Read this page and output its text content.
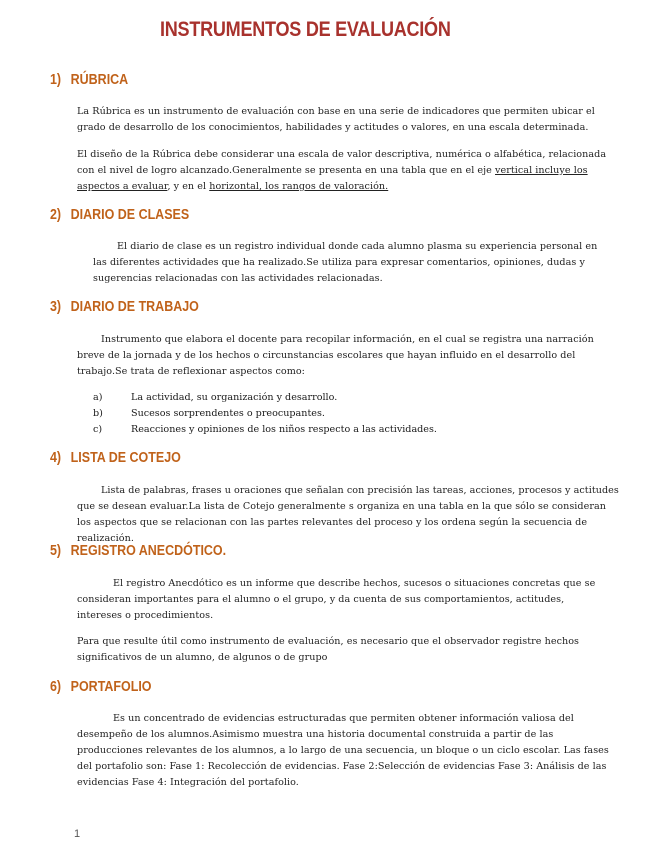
INSTRUMENTOS DE EVALUACIÓN
1) RÚBRICA

La Rúbrica es un instrumento de evaluación con base en una serie de indicadores que permiten ubicar el grado de desarrollo de los conocimientos, habilidades y actitudes o valores, en una escala determinada.

El diseño de la Rúbrica debe considerar una escala de valor descriptiva, numérica o alfabética, relacionada con el nivel de logro alcanzado.Generalmente se presenta en una tabla que en el eje vertical incluye los aspectos a evaluar, y en el horizontal, los rangos de valoración.

2) DIARIO DE CLASES

El diario de clase es un registro individual donde cada alumno plasma su experiencia personal en las diferentes actividades que ha realizado.Se utiliza para expresar comentarios, opiniones, dudas y sugerencias relacionadas con las actividades relacionadas.

3) DIARIO DE TRABAJO

Instrumento que elabora el docente para recopilar información, en el cual se registra una narración breve de la jornada y de los hechos o circunstancias escolares que hayan influido en el desarrollo del trabajo.Se trata de reflexionar aspectos como:

a)	La actividad, su organización y desarrollo.

b)	Sucesos sorprendentes o preocupantes.

c)	Reacciones y opiniones de los niños respecto a las actividades.

4) LISTA DE COTEJO

Lista de palabras, frases u oraciones que señalan con precisión las tareas, acciones, procesos y actitudes que se desean evaluar.La lista de Cotejo generalmente s organiza en una tabla en la que sólo se consideran los aspectos que se relacionan con las partes relevantes del proceso y los ordena según la secuencia de realización.

5) REGISTRO ANECDÓTICO.

El registro Anecdótico es un informe que describe hechos, sucesos o situaciones concretas que se consideran importantes para el alumno o el grupo, y da cuenta de sus comportamientos, actitudes, intereses o procedimientos.

Para que resulte útil como instrumento de evaluación, es necesario que el observador registre hechos significativos de un alumno, de algunos o de grupo

6) PORTAFOLIO

Es un concentrado de evidencias estructuradas que permiten obtener información valiosa del desempeño de los alumnos.Asimismo muestra una historia documental construida a partir de las producciones relevantes de los alumnos, a lo largo de una secuencia, un bloque o un ciclo escolar. Las fases del portafolio son: Fase 1: Recolección de evidencias. Fase 2:Selección de evidencias Fase 3: Análisis de las evidencias Fase 4: Integración del portafolio.

1
